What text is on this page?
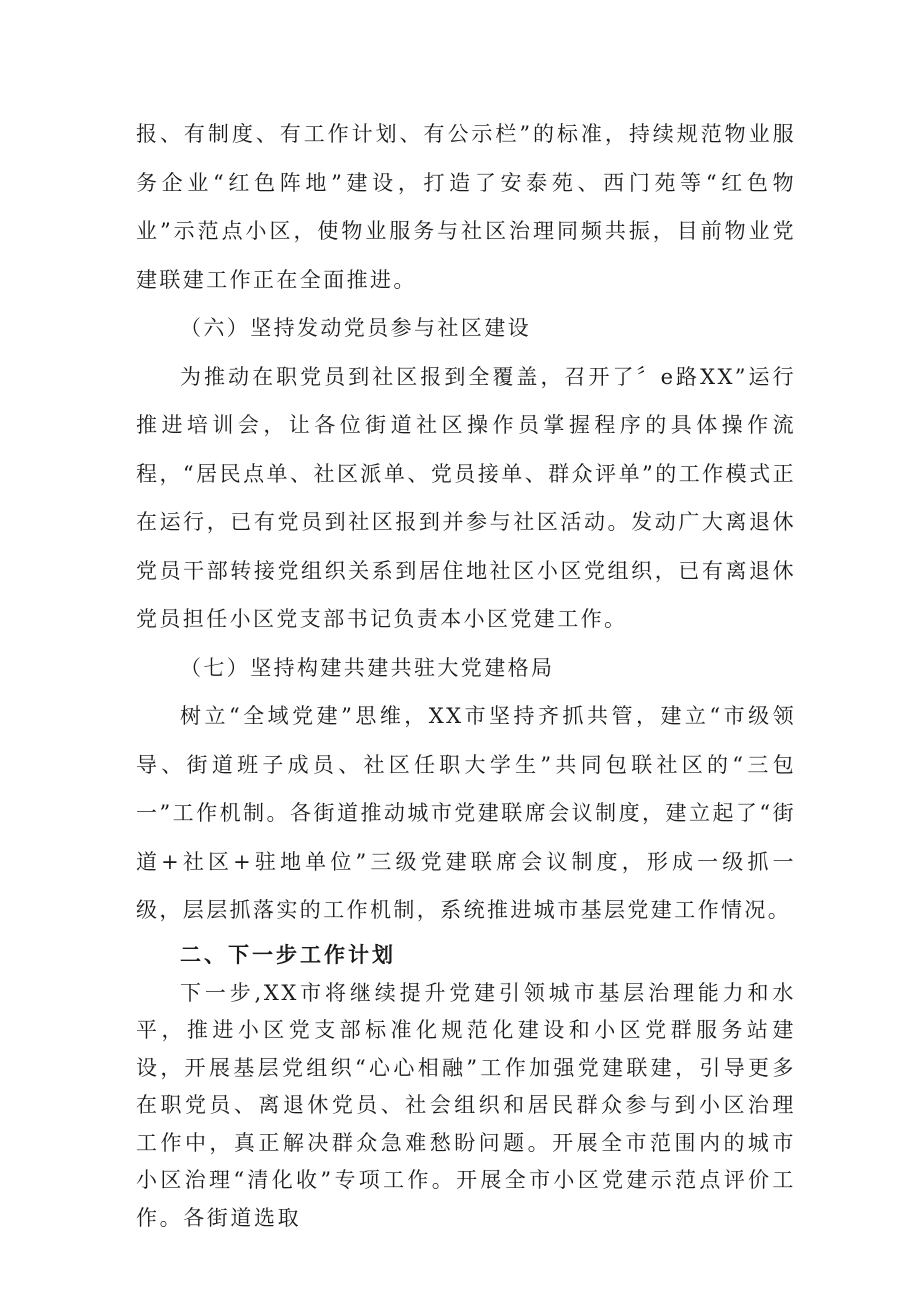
报、有制度、有工作计划、有公示栏”的标准，持续规范物业服务企业“红色阵地”建设，打造了安泰苑、西门苑等“红色物业”示范点小区，使物业服务与社区治理同频共振，目前物业党建联建工作正在全面推进。

（六）坚持发动党员参与社区建设

为推动在职党员到社区报到全覆盖，召开了〞e路XX”运行推进培训会，让各位街道社区操作员掌握程序的具体操作流程，“居民点单、社区派单、党员接单、群众评单”的工作模式正在运行，已有党员到社区报到并参与社区活动。发动广大离退休党员干部转接党组织关系到居住地社区小区党组织，已有离退休党员担任小区党支部书记负责本小区党建工作。

（七）坚持构建共建共驻大党建格局

树立“全域党建”思维，XX市坚持齐抓共管，建立“市级领导、街道班子成员、社区任职大学生”共同包联社区的“三包一”工作机制。各街道推动城市党建联席会议制度，建立起了“街道+社区+驻地单位”三级党建联席会议制度，形成一级抓一级，层层抓落实的工作机制，系统推进城市基层党建工作情况。

二、下一步工作计划

下一步,XX市将继续提升党建引领城市基层治理能力和水平，推进小区党支部标准化规范化建设和小区党群服务站建设，开展基层党组织“心心相融”工作加强党建联建，引导更多在职党员、离退休党员、社会组织和居民群众参与到小区治理工作中，真正解决群众急难愁盼问题。开展全市范围内的城市小区治理“清化收”专项工作。开展全市小区党建示范点评价工作。各街道选取
